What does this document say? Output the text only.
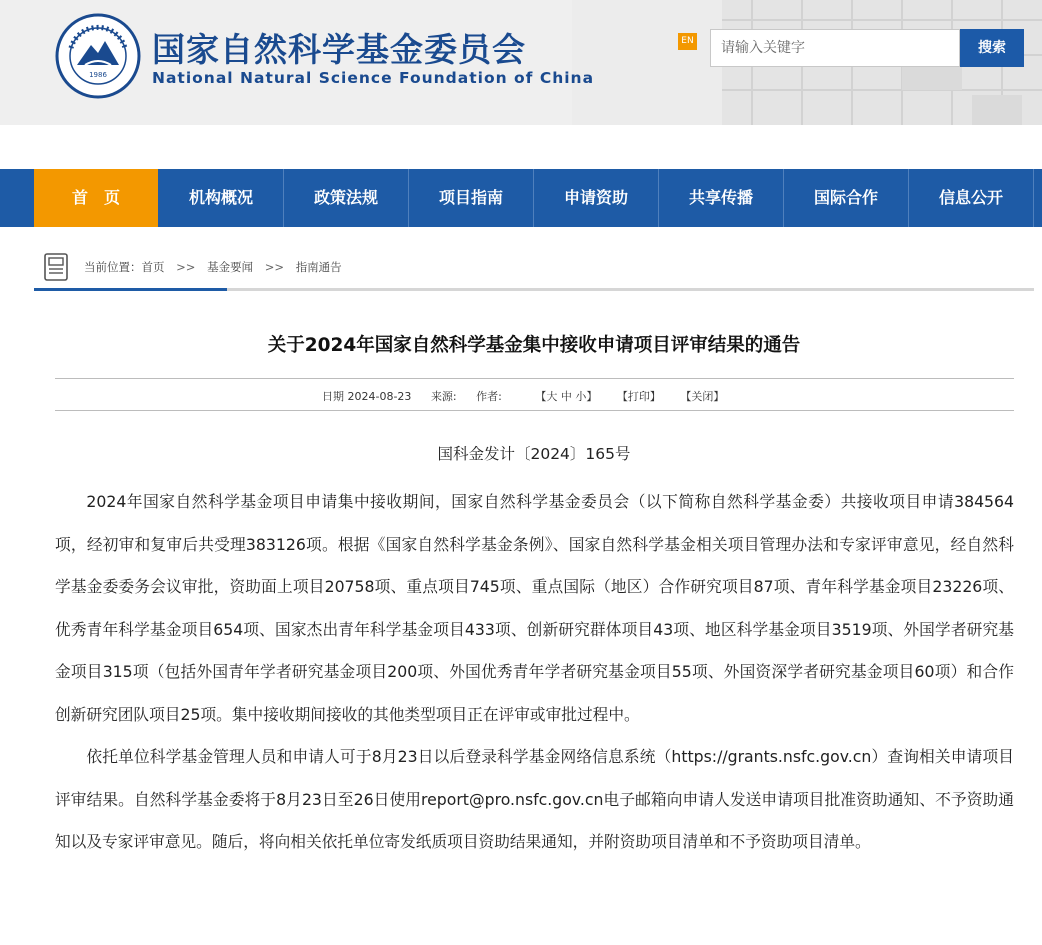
1986
国家自然科学基金委员会
National Natural Science Foundation of China
EN
请输入关键字	搜索
首　页	机构概况	政策法规	项目指南	申请资助	共享传播	国际合作	信息公开
当前位置：首页 >> 基金要闻 >> 指南通告
关于2024年国家自然科学基金集中接收申请项目评审结果的通告
日期 2024-08-23 来源: 作者:	【大 中 小】 【打印】 【关闭】
国科金发计〔2024〕165号

2024年国家自然科学基金项目申请集中接收期间，国家自然科学基金委员会（以下简称自然科学基金委）共接收项目申请384564项，经初审和复审后共受理383126项。根据《国家自然科学基金条例》、国家自然科学基金相关项目管理办法和专家评审意见，经自然科学基金委委务会议审批，资助面上项目20758项、重点项目745项、重点国际（地区）合作研究项目87项、青年科学基金项目23226项、优秀青年科学基金项目654项、国家杰出青年科学基金项目433项、创新研究群体项目43项、地区科学基金项目3519项、外国学者研究基金项目315项（包括外国青年学者研究基金项目200项、外国优秀青年学者研究基金项目55项、外国资深学者研究基金项目60项）和合作创新研究团队项目25项。集中接收期间接收的其他类型项目正在评审或审批过程中。

依托单位科学基金管理人员和申请人可于8月23日以后登录科学基金网络信息系统（https://grants.nsfc.gov.cn）查询相关申请项目评审结果。自然科学基金委将于8月23日至26日使用report@pro.nsfc.gov.cn电子邮箱向申请人发送申请项目批准资助通知、不予资助通知以及专家评审意见。随后，将向相关依托单位寄发纸质项目资助结果通知，并附资助项目清单和不予资助项目清单。
